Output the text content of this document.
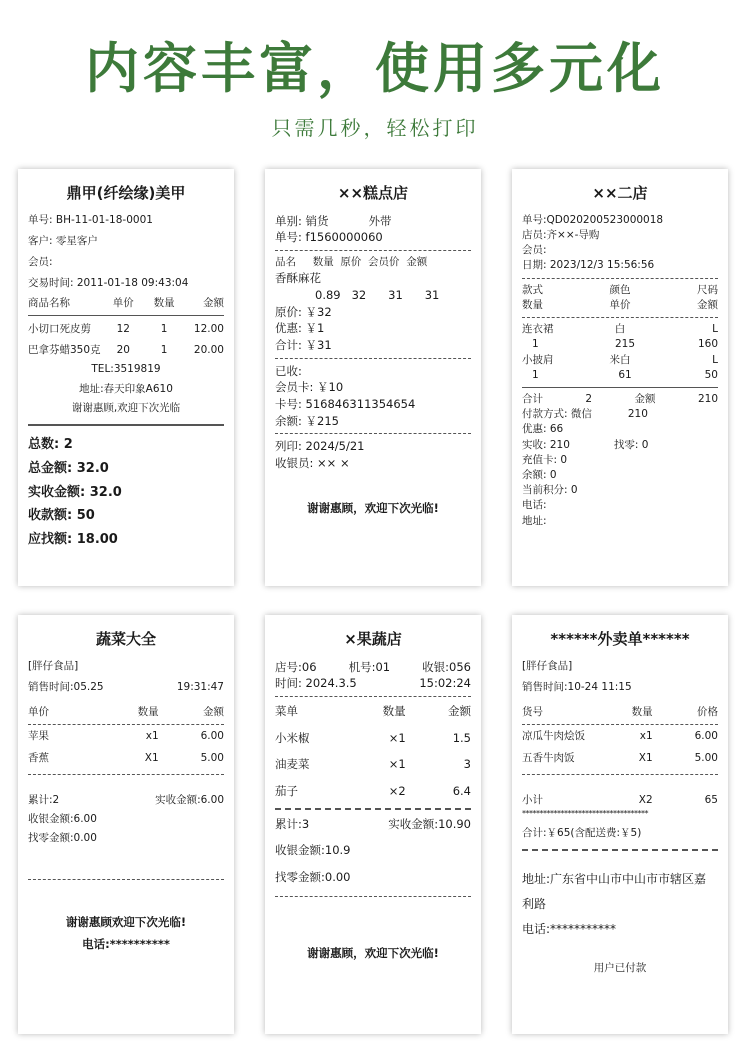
内容丰富，使用多元化
只需几秒，轻松打印
鼎甲(纤绘缘)美甲
单号: BH-11-01-18-0001
客户: 零星客户
会员:
交易时间: 2011-01-18 09:43:04
商品名称	单价	数量	金额
小切口死皮剪	12	1	12.00
巴拿芬蜡350克	20	1	20.00
TEL:3519819
地址:春天印象A610
谢谢惠顾,欢迎下次光临
总数: 2
总金额: 32.0
实收金额: 32.0
收款额: 50
应找额: 18.00
××糕点店
单别: 销货	外带
单号: f1560000060
品名     数量  原价  会员价  金额
香酥麻花
0.89   32      31      31
原价: ￥32
优惠: ￥1
合计: ￥31
已收:
会员卡: ￥10
卡号: 516846311354654
余额: ￥215
列印: 2024/5/21
收银员: ×× ×
谢谢惠顾，欢迎下次光临!
××二店
单号:QD020200523000018
店员:齐××-导购
会员:
日期: 2023/12/3 15:56:56
款式	颜色	尺码
数量	单价	金额
连衣裙	白	L
1	215	160
小披肩	米白	L
1	61	50
合计	2	金额	210
付款方式: 微信	210
优惠: 66
实收: 210	找零: 0
充值卡: 0
余额: 0
当前积分: 0
电话:
地址:
蔬菜大全
[胖仔食品]
销售时间:05.25	19:31:47
单价	数量	金额
苹果	x1	6.00
香蕉	X1	5.00
累计:2	实收金额:6.00
收银金额:6.00
找零金额:0.00
谢谢惠顾欢迎下次光临!
电话:**********
×果蔬店
店号:06	机号:01	收银:056
时间: 2024.3.5	15:02:24
菜单	数量	金额
小米椒	×1	1.5
油麦菜	×1	3
茄子	×2	6.4
累计:3	实收金额:10.90
收银金额:10.9
找零金额:0.00
谢谢惠顾，欢迎下次光临!
******外卖单******
[胖仔食品]
销售时间:10-24 11:15
货号	数量	价格
凉瓜牛肉烩饭	x1	6.00
五香牛肉饭	X1	5.00
小计	X2	65
************************************
合计:￥65(含配送费:￥5)
地址:广东省中山市中山市市辖区嘉利路
电话:***********
用户已付款
